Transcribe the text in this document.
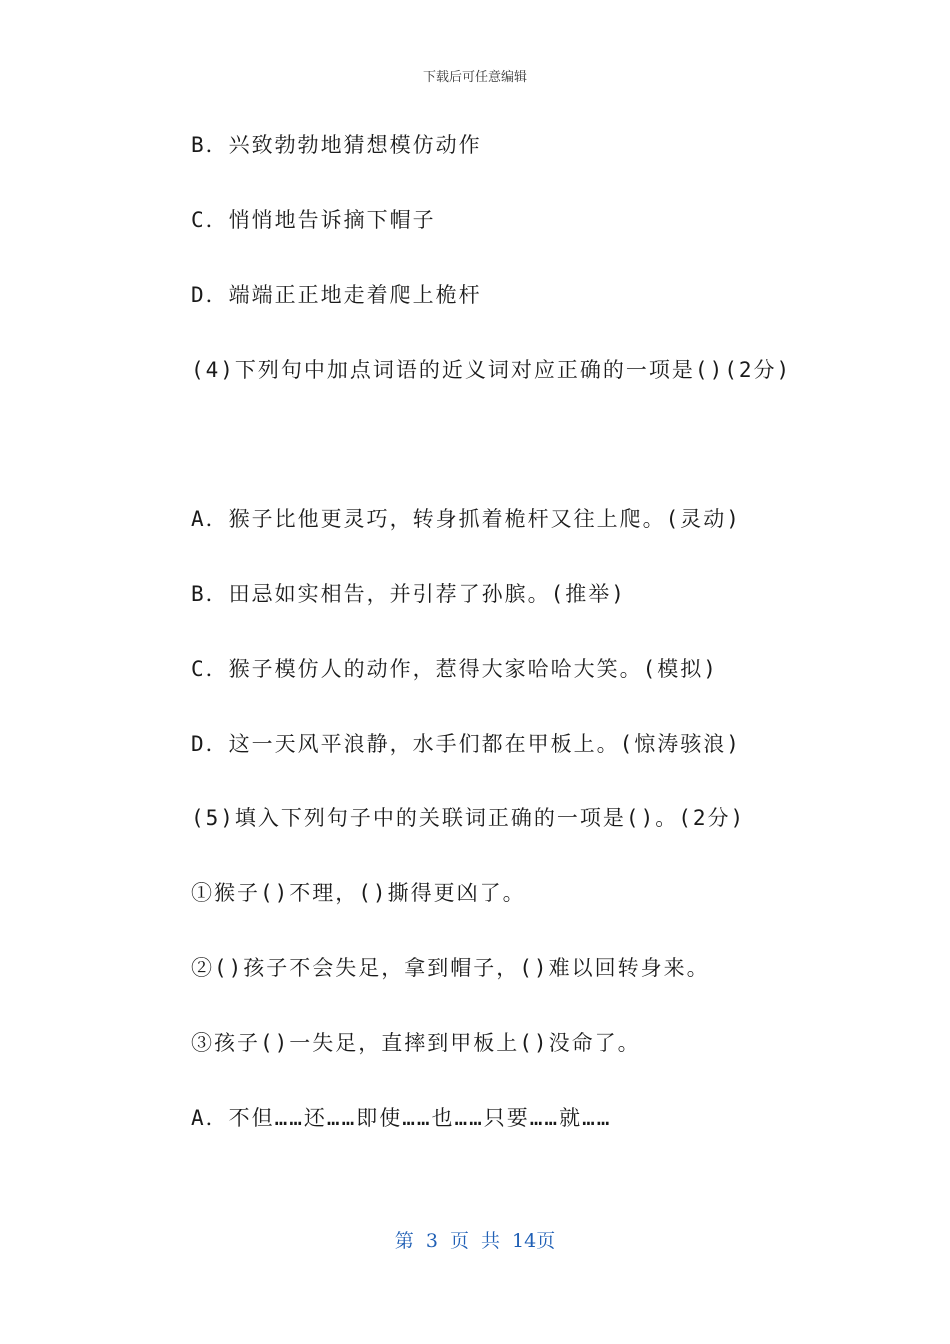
下载后可任意编辑
B．兴致勃勃地猜想模仿动作
C．悄悄地告诉摘下帽子
D．端端正正地走着爬上桅杆
(4)下列句中加点词语的近义词对应正确的一项是()(2分)
A．猴子比他更灵巧，转身抓着桅杆又往上爬。(灵动)
B．田忌如实相告，并引荐了孙膑。(推举)
C．猴子模仿人的动作，惹得大家哈哈大笑。(模拟)
D．这一天风平浪静，水手们都在甲板上。(惊涛骇浪)
(5)填入下列句子中的关联词正确的一项是()。(2分)
①猴子()不理，()撕得更凶了。
②()孩子不会失足，拿到帽子，()难以回转身来。
③孩子()一失足，直摔到甲板上()没命了。
A．不但……还……即使……也……只要……就……
第 3 页 共 14页
